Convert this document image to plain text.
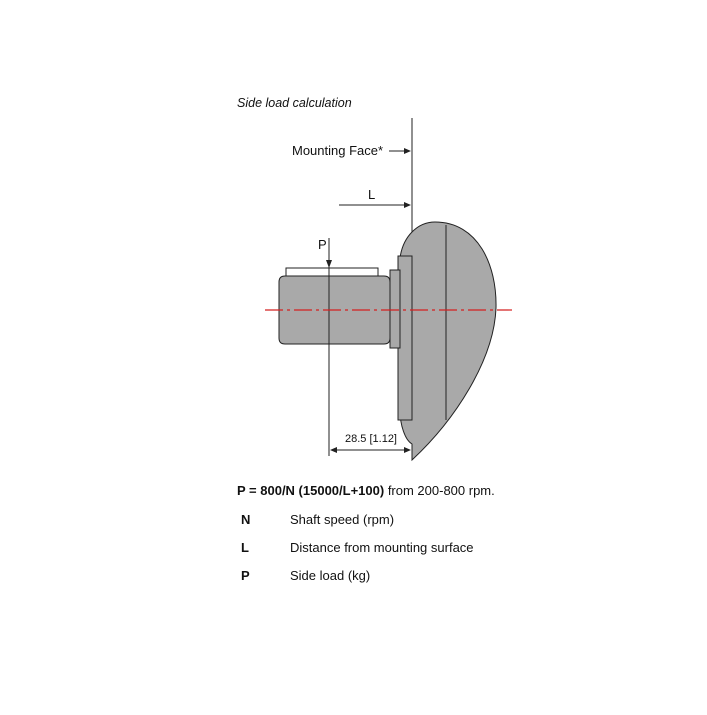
Side load calculation
Mounting Face*
L
P
28.5 [1.12]
P = 800/N (15000/L+100) from 200-800 rpm.
N	Shaft speed (rpm)
L	Distance from mounting surface
P	Side load (kg)
